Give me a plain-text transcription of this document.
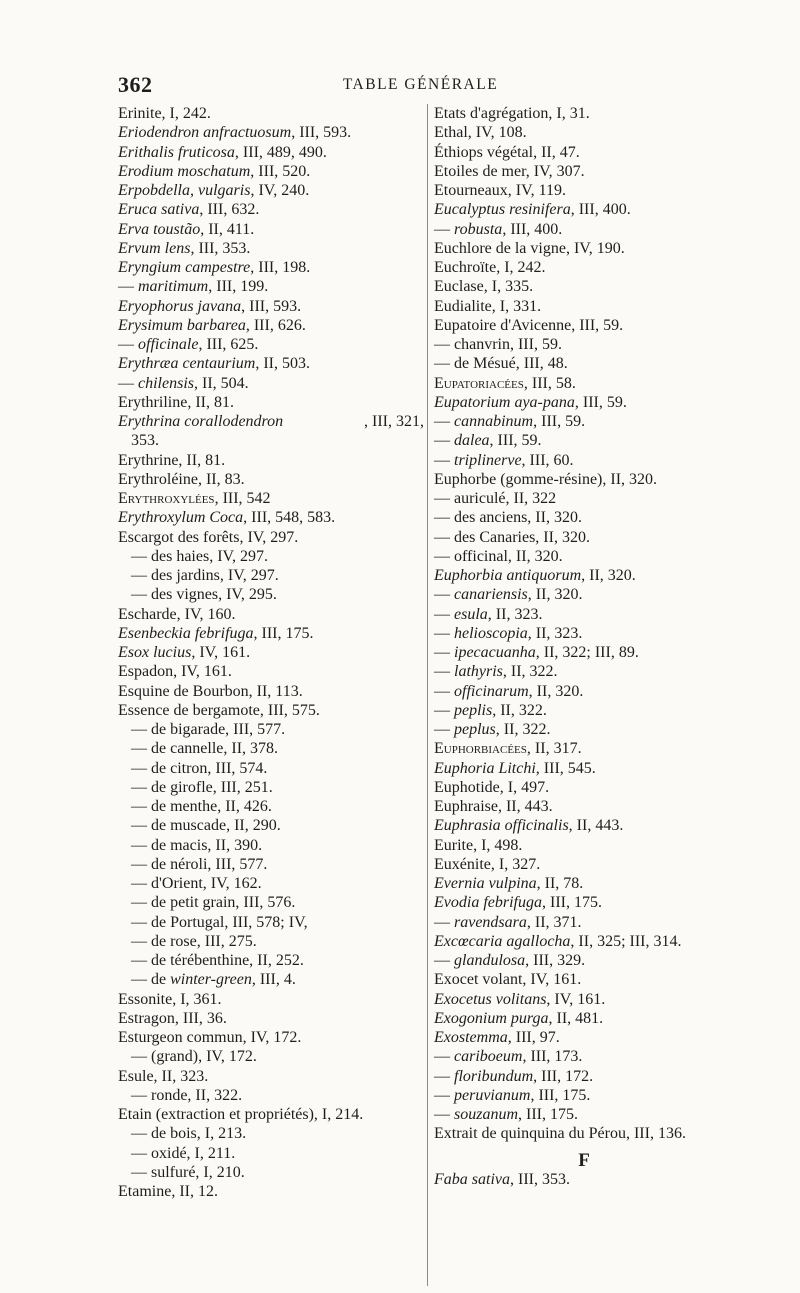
362	TABLE GÉNÉRALE
Erinite, I, 242.
Eriodendron anfractuosum, III, 593.
Erithalis fruticosa, III, 489, 490.
Erodium moschatum, III, 520.
Erpobdella, vulgaris, IV, 240.
Eruca sativa, III, 632.
Erva toustão, II, 411.
Ervum lens, III, 353.
Eryngium campestre, III, 198.
— maritimum, III, 199.
Eryophorus javana, III, 593.
Erysimum barbarea, III, 626.
— officinale, III, 625.
Erythræa centaurium, II, 503.
— chilensis, II, 504.
Erythriline, II, 81.
Erythrina corallodendron	, III, 321,
353.
Erythrine, II, 81.
Erythroléine, II, 83.
Erythroxylées, III, 542
Erythroxylum Coca, III, 548, 583.
Escargot des forêts, IV, 297.
— des haies, IV, 297.
— des jardins, IV, 297.
— des vignes, IV, 295.
Escharde, IV, 160.
Esenbeckia febrifuga, III, 175.
Esox lucius, IV, 161.
Espadon, IV, 161.
Esquine de Bourbon, II, 113.
Essence de bergamote, III, 575.
— de bigarade, III, 577.
— de cannelle, II, 378.
— de citron, III, 574.
— de girofle, III, 251.
— de menthe, II, 426.
— de muscade, II, 290.
— de macis, II, 390.
— de néroli, III, 577.
— d'Orient, IV, 162.
— de petit grain, III, 576.
— de Portugal, III, 578; IV,
— de rose, III, 275.
— de térébenthine, II, 252.
— de winter-green, III, 4.
Essonite, I, 361.
Estragon, III, 36.
Esturgeon commun, IV, 172.
— (grand), IV, 172.
Esule, II, 323.
— ronde, II, 322.
Etain (extraction et propriétés), I, 214.
— de bois, I, 213.
— oxidé, I, 211.
— sulfuré, I, 210.
Etamine, II, 12.
Etats d'agrégation, I, 31.
Ethal, IV, 108.
Éthiops végétal, II, 47.
Etoiles de mer, IV, 307.
Etourneaux, IV, 119.
Eucalyptus resinifera, III, 400.
— robusta, III, 400.
Euchlore de la vigne, IV, 190.
Euchroïte, I, 242.
Euclase, I, 335.
Eudialite, I, 331.
Eupatoire d'Avicenne, III, 59.
— chanvrin, III, 59.
— de Mésué, III, 48.
Eupatoriacées, III, 58.
Eupatorium aya-pana, III, 59.
— cannabinum, III, 59.
— dalea, III, 59.
— triplinerve, III, 60.
Euphorbe (gomme-résine), II, 320.
— auriculé, II, 322
— des anciens, II, 320.
— des Canaries, II, 320.
— officinal, II, 320.
Euphorbia antiquorum, II, 320.
— canariensis, II, 320.
— esula, II, 323.
— helioscopia, II, 323.
— ipecacuanha, II, 322; III, 89.
— lathyris, II, 322.
— officinarum, II, 320.
— peplis, II, 322.
— peplus, II, 322.
Euphorbiacées, II, 317.
Euphoria Litchi, III, 545.
Euphotide, I, 497.
Euphraise, II, 443.
Euphrasia officinalis, II, 443.
Eurite, I, 498.
Euxénite, I, 327.
Evernia vulpina, II, 78.
Evodia febrifuga, III, 175.
— ravendsara, II, 371.
Excœcaria agallocha, II, 325; III, 314.
— glandulosa, III, 329.
Exocet volant, IV, 161.
Exocetus volitans, IV, 161.
Exogonium purga, II, 481.
Exostemma, III, 97.
— cariboeum, III, 173.
— floribundum, III, 172.
— peruvianum, III, 175.
— souzanum, III, 175.
Extrait de quinquina du Pérou, III, 136.
F
Faba sativa, III, 353.
